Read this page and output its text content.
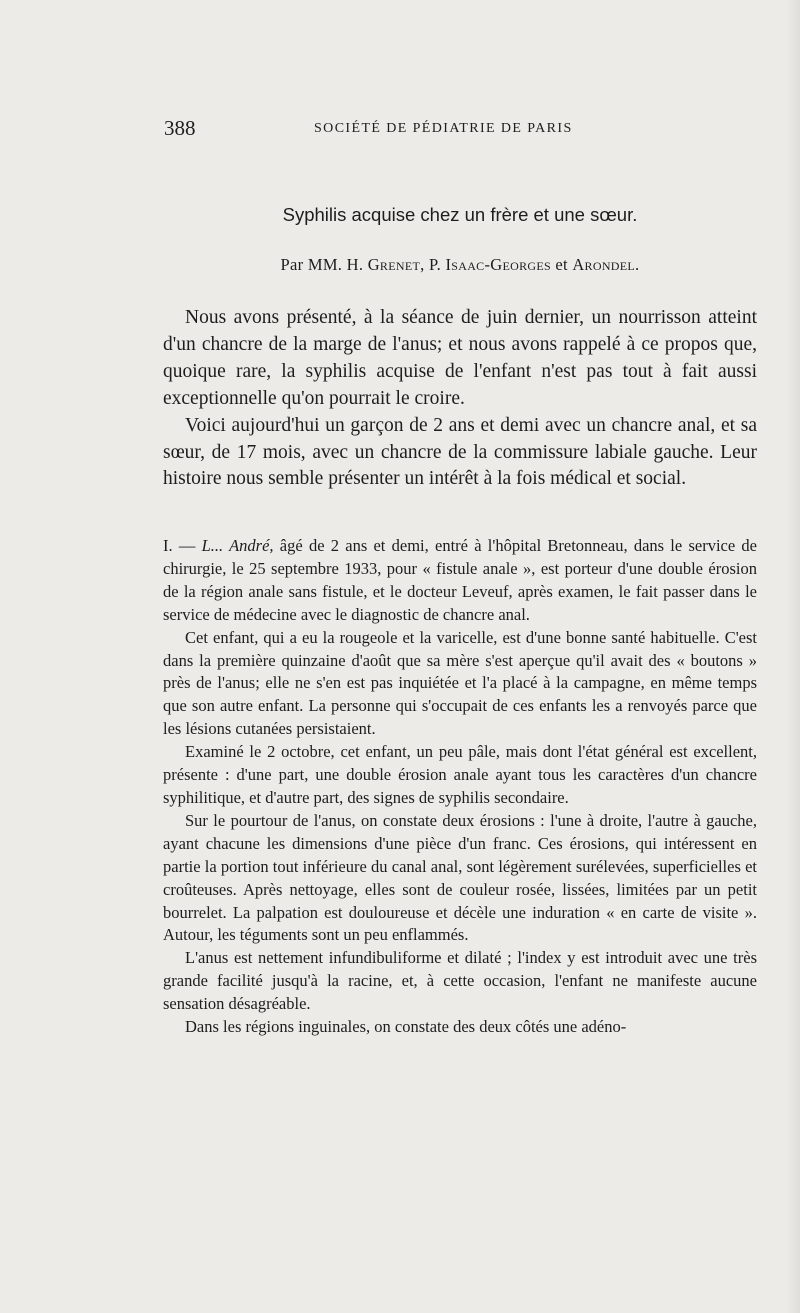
388	SOCIÉTÉ DE PÉDIATRIE DE PARIS
Syphilis acquise chez un frère et une sœur.
Par MM. H. Grenet, P. Isaac-Georges et Arondel.

Nous avons présenté, à la séance de juin dernier, un nourrisson atteint d'un chancre de la marge de l'anus; et nous avons rappelé à ce propos que, quoique rare, la syphilis acquise de l'enfant n'est pas tout à fait aussi exceptionnelle qu'on pourrait le croire.

Voici aujourd'hui un garçon de 2 ans et demi avec un chancre anal, et sa sœur, de 17 mois, avec un chancre de la commissure labiale gauche. Leur histoire nous semble présenter un intérêt à la fois médical et social.

I. — L... André, âgé de 2 ans et demi, entré à l'hôpital Bretonneau, dans le service de chirurgie, le 25 septembre 1933, pour « fistule anale », est porteur d'une double érosion de la région anale sans fistule, et le docteur Leveuf, après examen, le fait passer dans le service de médecine avec le diagnostic de chancre anal.

Cet enfant, qui a eu la rougeole et la varicelle, est d'une bonne santé habituelle. C'est dans la première quinzaine d'août que sa mère s'est aperçue qu'il avait des « boutons » près de l'anus; elle ne s'en est pas inquiétée et l'a placé à la campagne, en même temps que son autre enfant. La personne qui s'occupait de ces enfants les a renvoyés parce que les lésions cutanées persistaient.

Examiné le 2 octobre, cet enfant, un peu pâle, mais dont l'état général est excellent, présente : d'une part, une double érosion anale ayant tous les caractères d'un chancre syphilitique, et d'autre part, des signes de syphilis secondaire.

Sur le pourtour de l'anus, on constate deux érosions : l'une à droite, l'autre à gauche, ayant chacune les dimensions d'une pièce d'un franc. Ces érosions, qui intéressent en partie la portion tout inférieure du canal anal, sont légèrement surélevées, superficielles et croûteuses. Après nettoyage, elles sont de couleur rosée, lissées, limitées par un petit bourrelet. La palpation est douloureuse et décèle une induration « en carte de visite ». Autour, les téguments sont un peu enflammés.

L'anus est nettement infundibuliforme et dilaté ; l'index y est introduit avec une très grande facilité jusqu'à la racine, et, à cette occasion, l'enfant ne manifeste aucune sensation désagréable.

Dans les régions inguinales, on constate des deux côtés une adéno-
